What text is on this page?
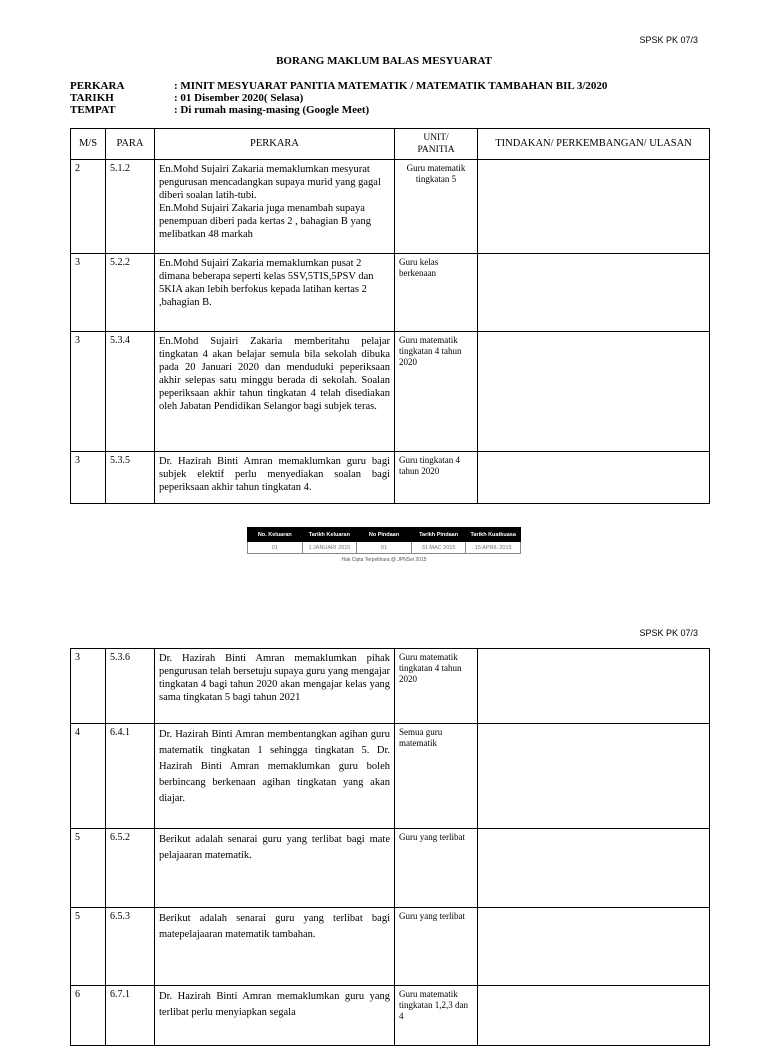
SPSK PK 07/3
BORANG MAKLUM BALAS MESYUARAT
PERKARA	: MINIT MESYUARAT PANITIA MATEMATIK / MATEMATIK TAMBAHAN BIL 3/2020
TARIKH	: 01 Disember 2020( Selasa)
TEMPAT	: Di rumah masing-masing (Google Meet)
M/S	PARA	PERKARA	UNIT/
PANITIA	TINDAKAN/ PERKEMBANGAN/ ULASAN
2	5.1.2	En.Mohd Sujairi Zakaria memaklumkan mesyurat pengurusan mencadangkan supaya murid yang gagal diberi soalan latih-tubi.
En.Mohd Sujairi Zakaria juga menambah supaya penempuan diberi pada kertas 2 , bahagian B yang melibatkan 48 markah	Guru matematik tingkatan 5	
3	5.2.2	En.Mohd Sujairi Zakaria memaklumkan pusat 2 dimana beberapa seperti kelas 5SV,5TIS,5PSV dan 5KIA akan lebih berfokus kepada latihan kertas 2 ,bahagian B.	Guru kelas berkenaan	
3	5.3.4	En.Mohd Sujairi Zakaria memberitahu pelajar tingkatan 4 akan belajar semula bila sekolah dibuka pada 20 Januari 2020 dan menduduki peperiksaan akhir selepas satu minggu berada di sekolah. Soalan peperiksaan akhir tahun tingkatan 4 telah disediakan oleh Jabatan Pendidikan Selangor bagi subjek teras.	Guru matematik tingkatan 4 tahun 2020	
3	5.3.5	Dr. Hazirah Binti Amran memaklumkan guru bagi subjek elektif perlu menyediakan soalan bagi peperiksaan akhir tahun tingkatan 4.	Guru tingkatan 4 tahun 2020	
No. Keluaran	Tarikh Keluaran	No Pindaan	Tarikh Pindaan	Tarikh Kuatkuasa
01	1 JANUARI 2015	01	31 MAC 2015	15 APRIL 2015
Hak Cipta Terpelihara @ JPNSel 2015
SPSK PK 07/3
3	5.3.6	Dr. Hazirah Binti Amran memaklumkan pihak pengurusan telah bersetuju supaya guru yang mengajar tingkatan 4 bagi tahun 2020 akan mengajar kelas yang sama tingkatan 5 bagi tahun 2021	Guru matematik tingkatan 4 tahun 2020	
4	6.4.1	Dr. Hazirah Binti Amran membentangkan agihan guru matematik tingkatan 1 sehingga tingkatan 5. Dr. Hazirah Binti Amran memaklumkan guru boleh berbincang berkenaan agihan tingkatan yang akan diajar.	Semua guru matematik	
5	6.5.2	Berikut adalah senarai guru yang terlibat bagi mate pelajaaran matematik.	Guru yang terlibat	
5	6.5.3	Berikut adalah senarai guru yang terlibat bagi matepelajaaran matematik tambahan.	Guru yang terlibat	
6	6.7.1	Dr. Hazirah Binti Amran memaklumkan guru yang terlibat perlu menyiapkan segala	Guru matematik tingkatan 1,2,3 dan 4	
